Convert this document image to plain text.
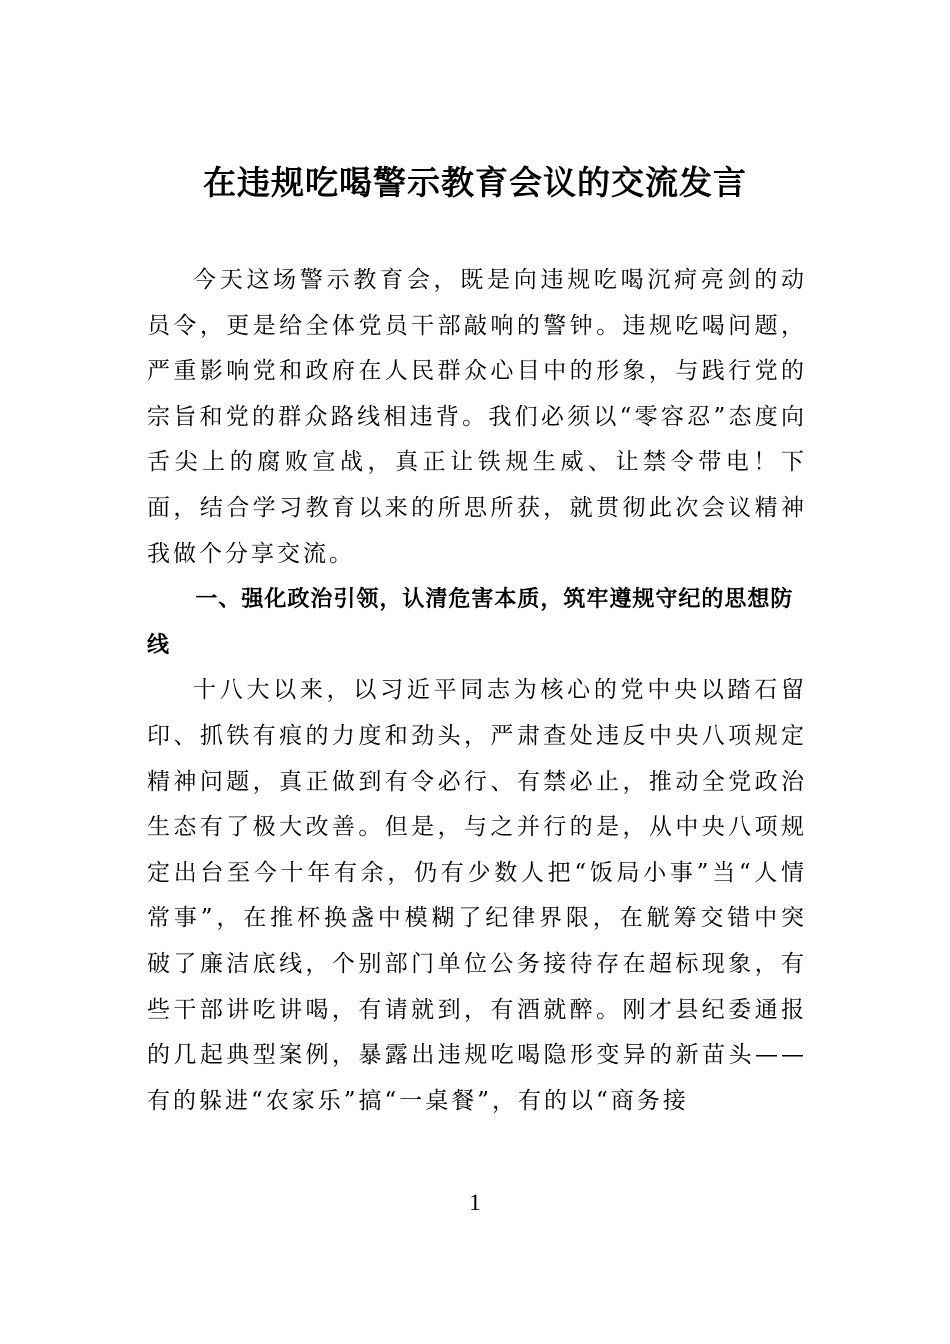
在违规吃喝警示教育会议的交流发言

今天这场警示教育会，既是向违规吃喝沉疴亮剑的动员令，更是给全体党员干部敲响的警钟。违规吃喝问题，严重影响党和政府在人民群众心目中的形象，与践行党的宗旨和党的群众路线相违背。我们必须以“零容忍”态度向舌尖上的腐败宣战，真正让铁规生威、让禁令带电！下面，结合学习教育以来的所思所获，就贯彻此次会议精神我做个分享交流。

一、强化政治引领，认清危害本质，筑牢遵规守纪的思想防线

十八大以来，以习近平同志为核心的党中央以踏石留印、抓铁有痕的力度和劲头，严肃查处违反中央八项规定精神问题，真正做到有令必行、有禁必止，推动全党政治生态有了极大改善。但是，与之并行的是，从中央八项规定出台至今十年有余，仍有少数人把“饭局小事”当“人情常事”，在推杯换盏中模糊了纪律界限，在觥筹交错中突破了廉洁底线，个别部门单位公务接待存在超标现象，有些干部讲吃讲喝，有请就到，有酒就醉。刚才县纪委通报的几起典型案例，暴露出违规吃喝隐形变异的新苗头——有的躲进“农家乐”搞“一桌餐”，有的以“商务接

1
